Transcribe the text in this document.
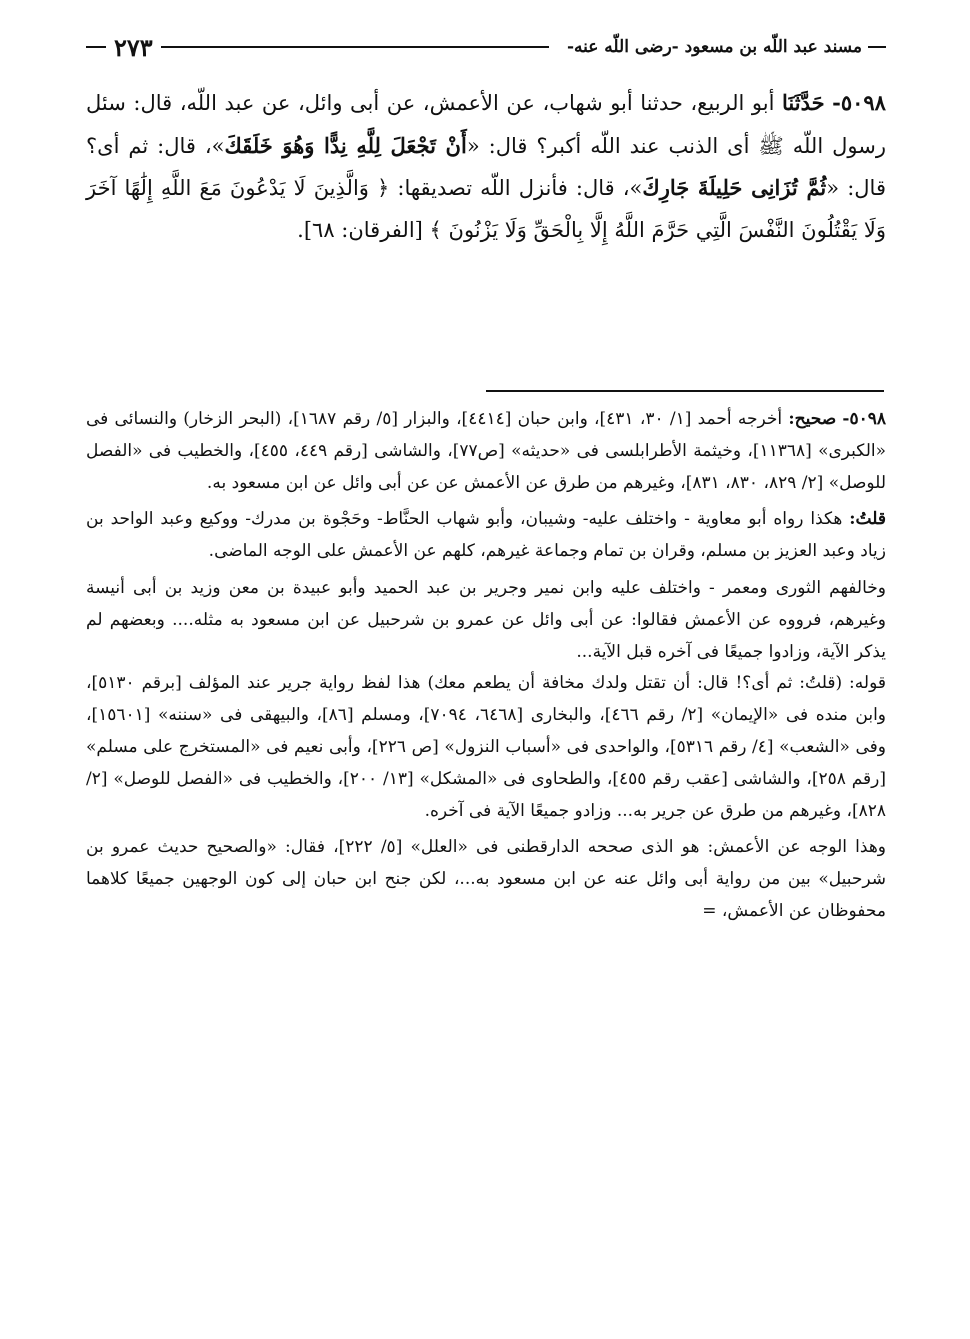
مسند عبد اللّه بن مسعود -رضى اللّه عنه-
٢٧٣

٥٠٩٨- حَدَّثَنَا أبو الربيع، حدثنا أبو شهاب، عن الأعمش، عن أبى وائل، عن عبد اللّه، قال: سئل رسول اللّه ﷺ أى الذنب عند اللّه أكبر؟ قال: «أَنْ تَجْعَلَ لِلَّهِ نِدًّا وَهُوَ خَلَقَكَ»، قال: ثم أى؟ قال: «ثُمَّ تُزَانِى حَلِيلَةَ جَارِكَ»، قال: فأنزل اللّه تصديقها: ﴿ وَالَّذِينَ لَا يَدْعُونَ مَعَ اللَّهِ إِلَٰهًا آخَرَ وَلَا يَقْتُلُونَ النَّفْسَ الَّتِي حَرَّمَ اللَّهُ إِلَّا بِالْحَقِّ وَلَا يَزْنُونَ ﴾ [الفرقان: ٦٨].

٥٠٩٨- صحيح: أخرجه أحمد [١/ ٣٠، ٤٣١]، وابن حبان [٤٤١٤]، والبزار [٥/ رقم ١٦٨٧]، (البحر الزخار) والنسائى فى «الكبرى» [١١٣٦٨]، وخيثمة الأطرابلسى فى «حديثه» [ص٧٧]، والشاشى [رقم ٤٤٩، ٤٥٥]، والخطيب فى «الفصل للوصل» [٢/ ٨٢٩، ٨٣٠، ٨٣١]، وغيرهم من طرق عن الأعمش عن عن أبى وائل عن ابن مسعود به.

قلتُ: هكذا رواه أبو معاوية - واختلف عليه- وشيبان، وأبو شهاب الحنَّاط- وحَجْوة بن مدرك- ووكيع وعبد الواحد بن زياد وعبد العزيز بن مسلم، وقران بن تمام وجماعة غيرهم، كلهم عن الأعمش على الوجه الماضى.

وخالفهم الثورى ومعمر - واختلف عليه وابن نمير وجرير بن عبد الحميد وأبو عبيدة بن معن وزيد بن أبى أنيسة وغيرهم، فرووه عن الأعمش فقالوا: عن أبى وائل عن عمرو بن شرحبيل عن ابن مسعود به مثله.... وبعضهم لم يذكر الآية، وزادوا جميعًا فى آخره قبل الآية...

قوله: (قلتُ: ثم أى؟! قال: أن تقتل ولدك مخافة أن يطعم معك) هذا لفظ رواية جرير عند المؤلف [برقم ٥١٣٠]، وابن منده فى «الإيمان» [٢/ رقم ٤٦٦]، والبخارى [٦٤٦٨، ٧٠٩٤]، ومسلم [٨٦]، والبيهقى فى «سننه» [١٥٦٠١]، وفى «الشعب» [٤/ رقم ٥٣١٦]، والواحدى فى «أسباب النزول» [ص ٢٢٦]، وأبى نعيم فى «المستخرج على مسلم» [رقم ٢٥٨]، والشاشى [عقب رقم ٤٥٥]، والطحاوى فى «المشكل» [١٣/ ٢٠٠]، والخطيب فى «الفصل للوصل» [٢/ ٨٢٨]، وغيرهم من طرق عن جرير به... وزادو جميعًا الآية فى آخره.

وهذا الوجه عن الأعمش: هو الذى صححه الدارقطنى فى «العلل» [٥/ ٢٢٢]، فقال: «والصحيح حديث عمرو بن شرحبيل» بين من رواية أبى وائل عنه عن ابن مسعود به...، لكن جنح ابن حبان إلى كون الوجهين جميعًا كلاهما محفوظان عن الأعمش، =
